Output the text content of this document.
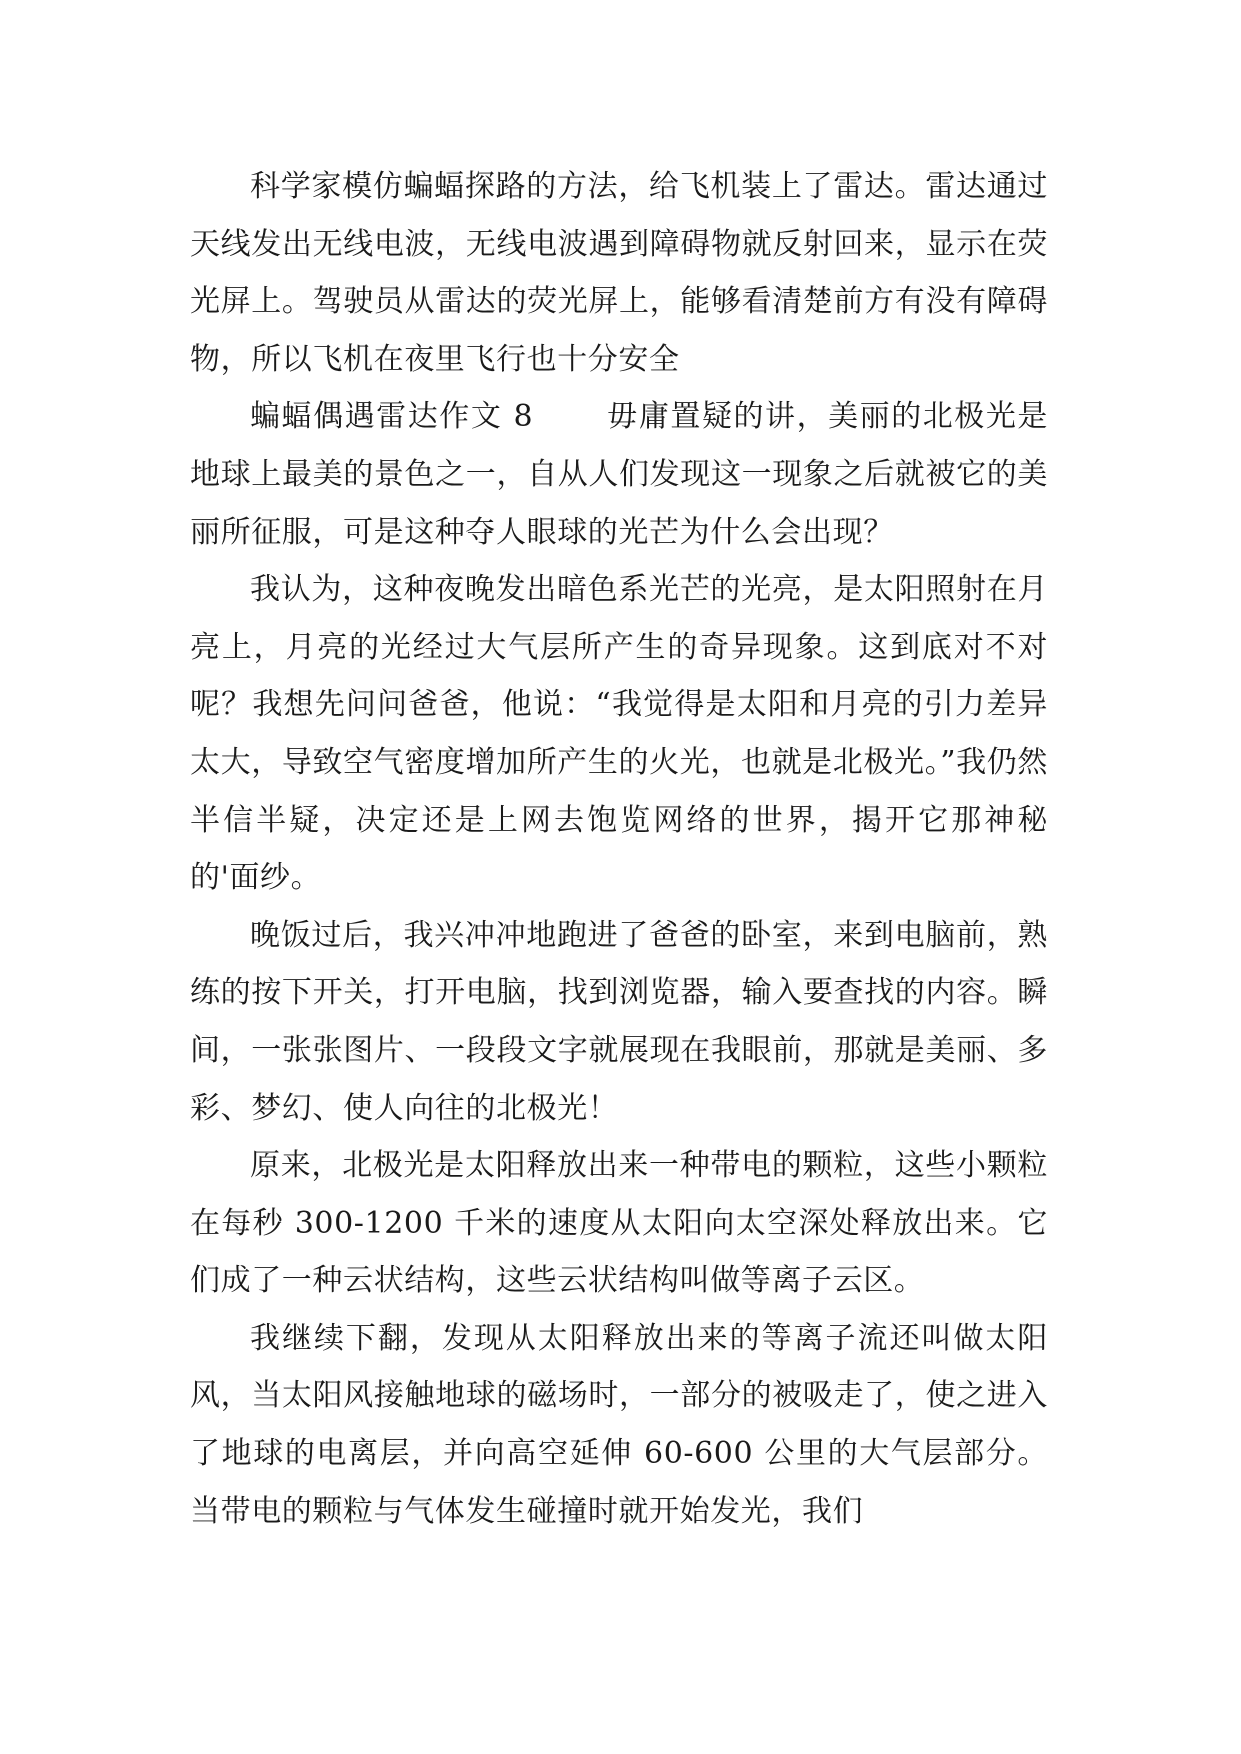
科学家模仿蝙蝠探路的方法，给飞机装上了雷达。雷达通过天线发出无线电波，无线电波遇到障碍物就反射回来，显示在荧光屏上。驾驶员从雷达的荧光屏上，能够看清楚前方有没有障碍物，所以飞机在夜里飞行也十分安全

蝙蝠偶遇雷达作文 8 　　毋庸置疑的讲，美丽的北极光是地球上最美的景色之一，自从人们发现这一现象之后就被它的美丽所征服，可是这种夺人眼球的光芒为什么会出现？

我认为，这种夜晚发出暗色系光芒的光亮，是太阳照射在月亮上，月亮的光经过大气层所产生的奇异现象。这到底对不对呢？我想先问问爸爸，他说：“我觉得是太阳和月亮的引力差异太大，导致空气密度增加所产生的火光，也就是北极光。”我仍然半信半疑，决定还是上网去饱览网络的世界，揭开它那神秘的'面纱。

晚饭过后，我兴冲冲地跑进了爸爸的卧室，来到电脑前，熟练的按下开关，打开电脑，找到浏览器，输入要查找的内容。瞬间，一张张图片、一段段文字就展现在我眼前，那就是美丽、多彩、梦幻、使人向往的北极光！

原来，北极光是太阳释放出来一种带电的颗粒，这些小颗粒在每秒 300-1200 千米的速度从太阳向太空深处释放出来。它们成了一种云状结构，这些云状结构叫做等离子云区。

我继续下翻，发现从太阳释放出来的等离子流还叫做太阳风，当太阳风接触地球的磁场时，一部分的被吸走了，使之进入了地球的电离层，并向高空延伸 60-600 公里的大气层部分。当带电的颗粒与气体发生碰撞时就开始发光，我们
